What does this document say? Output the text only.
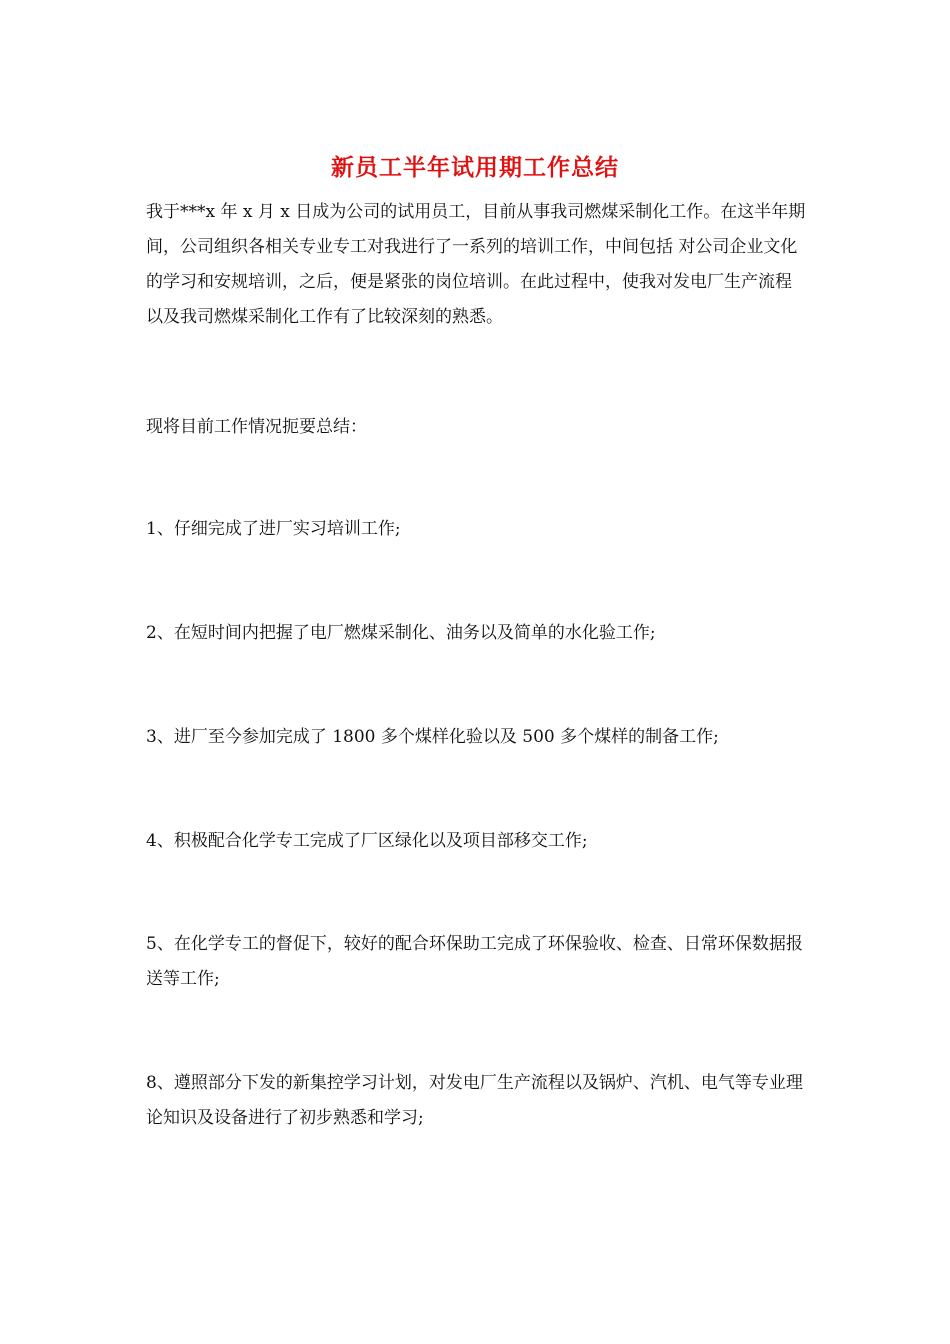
新员工半年试用期工作总结

我于***x 年 x 月 x 日成为公司的试用员工，目前从事我司燃煤采制化工作。在这半年期间，公司组织各相关专业专工对我进行了一系列的培训工作，中间包括 对公司企业文化的学习和安规培训，之后，便是紧张的岗位培训。在此过程中，使我对发电厂生产流程以及我司燃煤采制化工作有了比较深刻的熟悉。

现将目前工作情况扼要总结：

1、仔细完成了进厂实习培训工作;

2、在短时间内把握了电厂燃煤采制化、油务以及简单的水化验工作;

3、进厂至今参加完成了 1800 多个煤样化验以及 500 多个煤样的制备工作;

4、积极配合化学专工完成了厂区绿化以及项目部移交工作;

5、在化学专工的督促下，较好的配合环保助工完成了环保验收、检查、日常环保数据报送等工作;

8、遵照部分下发的新集控学习计划，对发电厂生产流程以及锅炉、汽机、电气等专业理论知识及设备进行了初步熟悉和学习;
